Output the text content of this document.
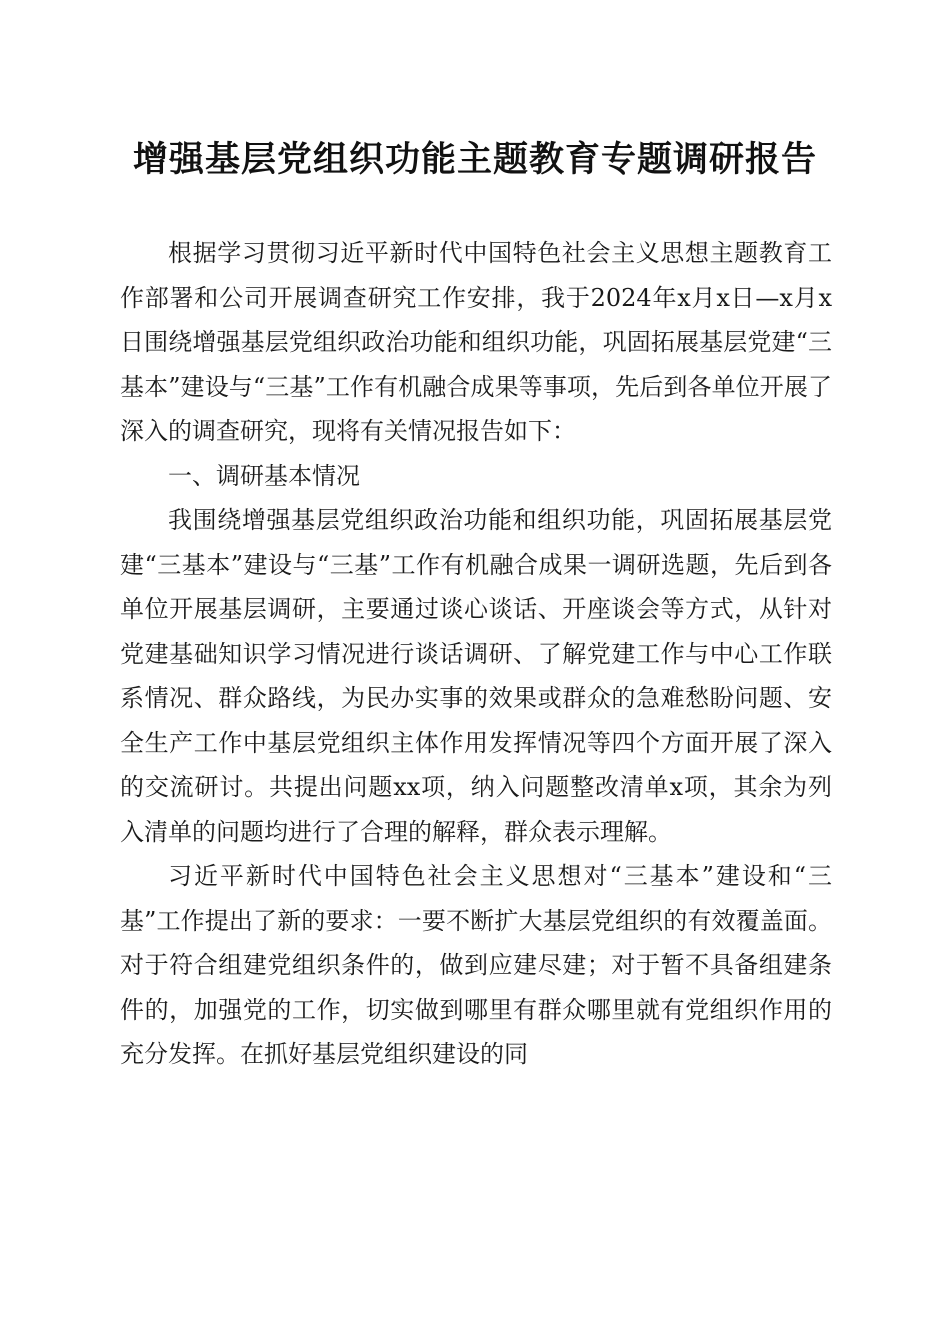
增强基层党组织功能主题教育专题调研报告

根据学习贯彻习近平新时代中国特色社会主义思想主题教育工作部署和公司开展调查研究工作安排，我于2024年x月x日—x月x日围绕增强基层党组织政治功能和组织功能，巩固拓展基层党建“三基本”建设与“三基”工作有机融合成果等事项，先后到各单位开展了深入的调查研究，现将有关情况报告如下：

一、调研基本情况

我围绕增强基层党组织政治功能和组织功能，巩固拓展基层党建“三基本”建设与“三基”工作有机融合成果一调研选题，先后到各单位开展基层调研，主要通过谈心谈话、开座谈会等方式，从针对党建基础知识学习情况进行谈话调研、了解党建工作与中心工作联系情况、群众路线，为民办实事的效果或群众的急难愁盼问题、安全生产工作中基层党组织主体作用发挥情况等四个方面开展了深入的交流研讨。共提出问题xx项，纳入问题整改清单x项，其余为列入清单的问题均进行了合理的解释，群众表示理解。

习近平新时代中国特色社会主义思想对“三基本”建设和“三基”工作提出了新的要求：一要不断扩大基层党组织的有效覆盖面。对于符合组建党组织条件的，做到应建尽建；对于暂不具备组建条件的，加强党的工作，切实做到哪里有群众哪里就有党组织作用的充分发挥。在抓好基层党组织建设的同
